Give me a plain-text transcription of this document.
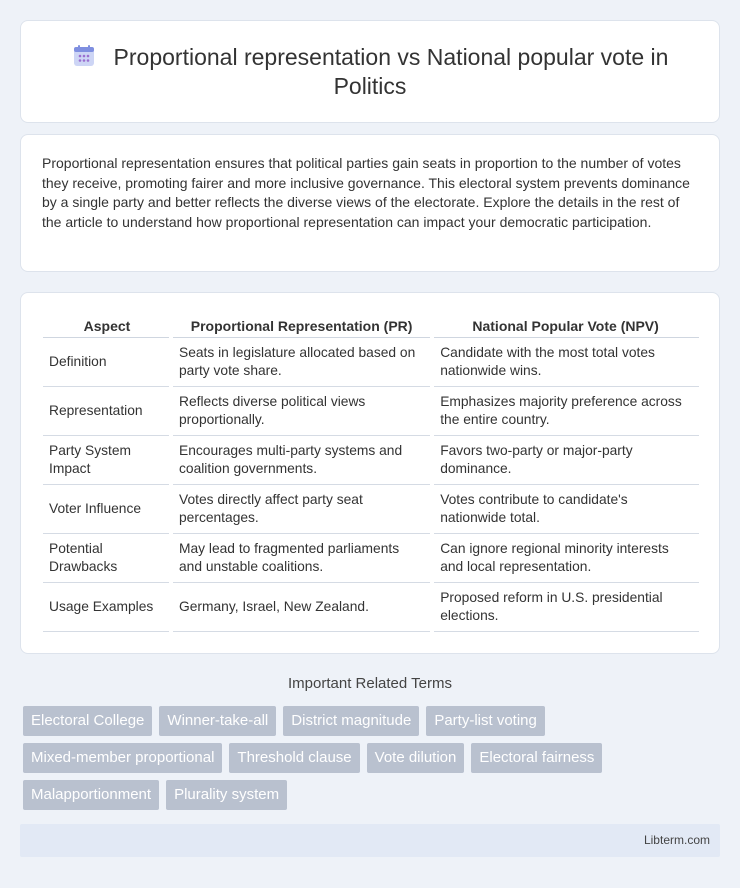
Proportional representation vs National popular vote in Politics

Proportional representation ensures that political parties gain seats in proportion to the number of votes they receive, promoting fairer and more inclusive governance. This electoral system prevents dominance by a single party and better reflects the diverse views of the electorate. Explore the details in the rest of the article to understand how proportional representation can impact your democratic participation.

Aspect	Proportional Representation (PR)	National Popular Vote (NPV)
Definition	Seats in legislature allocated based on party vote share.	Candidate with the most total votes nationwide wins.
Representation	Reflects diverse political views proportionally.	Emphasizes majority preference across the entire country.
Party System Impact	Encourages multi-party systems and coalition governments.	Favors two-party or major-party dominance.
Voter Influence	Votes directly affect party seat percentages.	Votes contribute to candidate's nationwide total.
Potential Drawbacks	May lead to fragmented parliaments and unstable coalitions.	Can ignore regional minority interests and local representation.
Usage Examples	Germany, Israel, New Zealand.	Proposed reform in U.S. presidential elections.
Important Related Terms
Electoral College	Winner-take-all	District magnitude	Party-list voting
Mixed-member proportional	Threshold clause	Vote dilution	Electoral fairness
Malapportionment	Plurality system
Libterm.com
